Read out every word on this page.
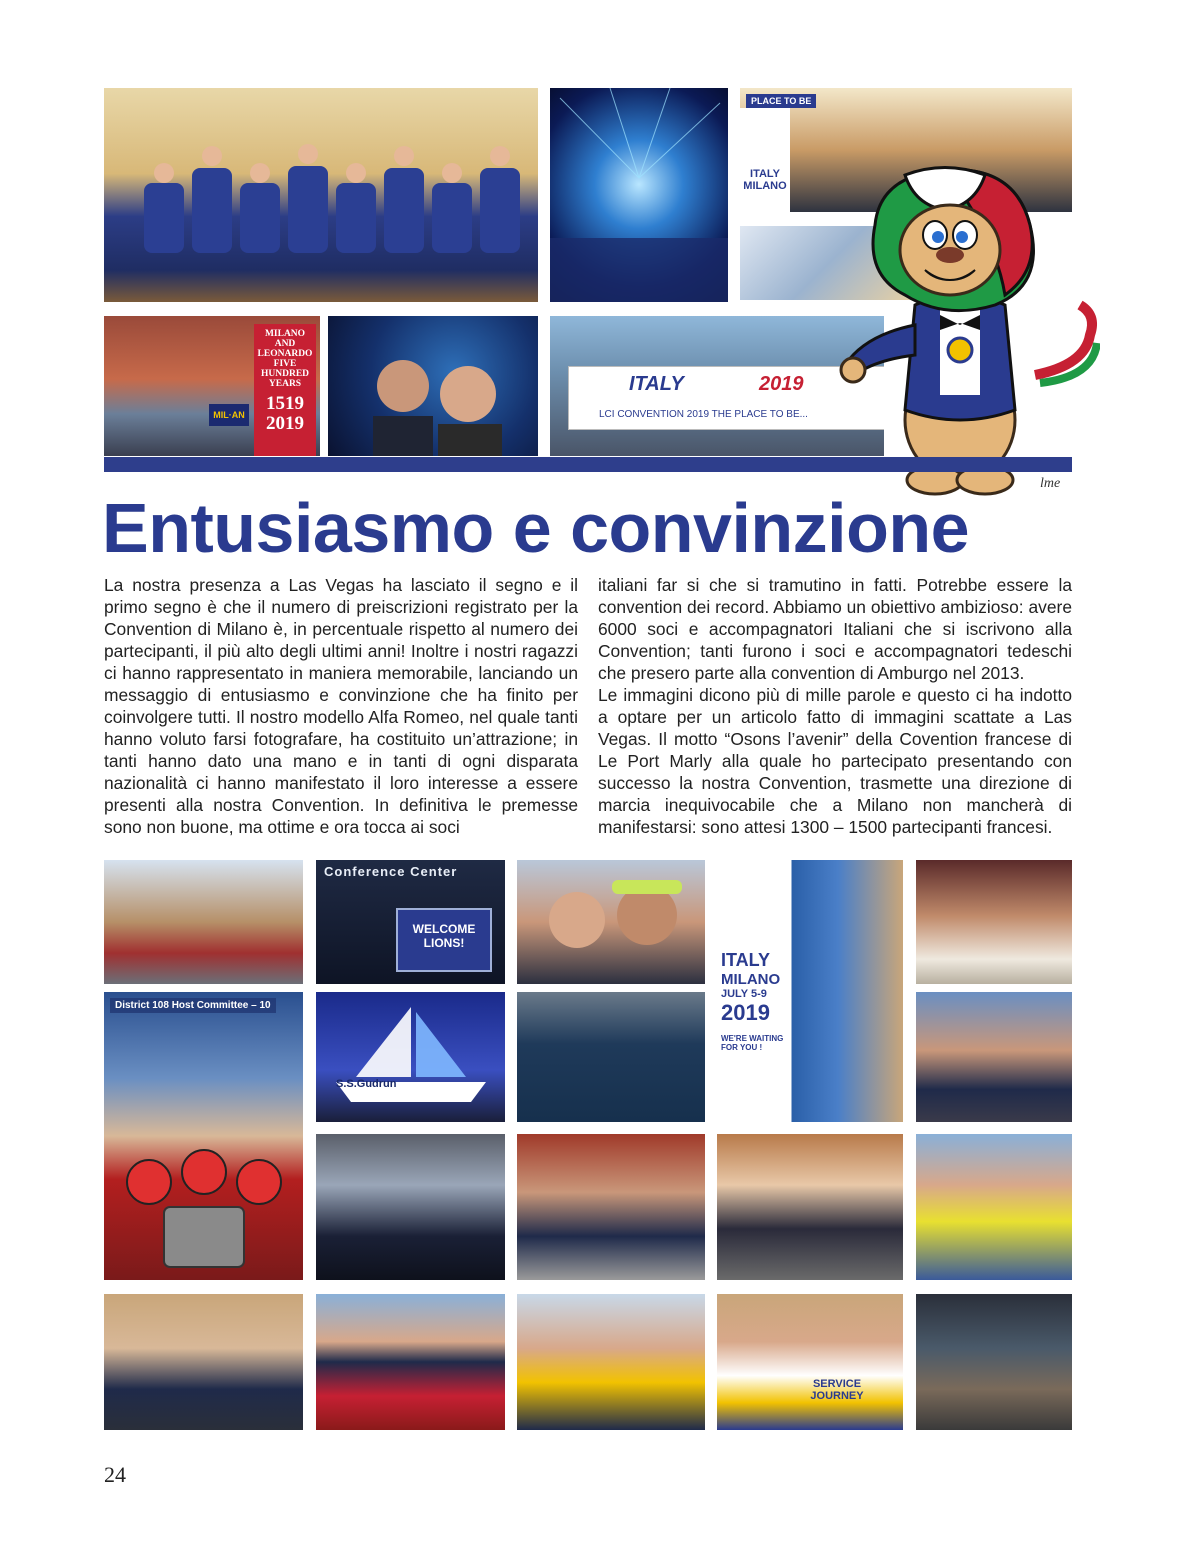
PLACE TO BE
ITALY MILANO
MILANO
AND
LEONARDO
FIVE
HUNDRED
YEARS
1519
2019
MIL·AN
ITALY	2019
LCI CONVENTION 2019 THE PLACE TO BE...
lme
Entusiasmo e convinzione

La nostra presenza a Las Vegas ha lasciato il segno e il primo segno è che il numero di preiscrizioni registrato per la Convention di Milano è, in percentuale rispetto al numero dei partecipanti, il più alto degli ultimi anni! Inoltre i nostri ragazzi ci hanno rappresentato in maniera memorabile, lanciando un messaggio di entusiasmo e convinzione che ha finito per coinvolgere tutti. Il nostro modello Alfa Romeo, nel quale tanti hanno voluto farsi fotografare, ha costituito un’attrazione; in tanti hanno dato una mano e in tanti di ogni disparata nazionalità ci hanno manifestato il loro interesse a essere presenti alla nostra Convention. In definitiva le premesse sono non buone, ma ottime e ora tocca ai soci

italiani far si che si tramutino in fatti. Potrebbe essere la convention dei record. Abbiamo un obiettivo ambizioso: avere 6000 soci e accompagnatori Italiani che si iscrivono alla Convention; tanti furono i soci e accompagnatori tedeschi che presero parte alla convention di Amburgo nel 2013.

Le immagini dicono più di mille parole e questo ci ha indotto a optare per un articolo fatto di immagini scattate a Las Vegas. Il motto “Osons l’avenir” della Covention francese di Le Port Marly alla quale ho partecipato presentando con successo la nostra Convention, trasmette una direzione di marcia inequivocabile che a Milano non mancherà di manifestarsi: sono attesi 1300 – 1500 partecipanti francesi.

Conference Center
WELCOME LIONS!
ITALY
MILANO
JULY 5-9
2019
WE'RE WAITING FOR YOU !
District 108 Host Committee – 10
S.S.Gudrun
SERVICE JOURNEY
24
